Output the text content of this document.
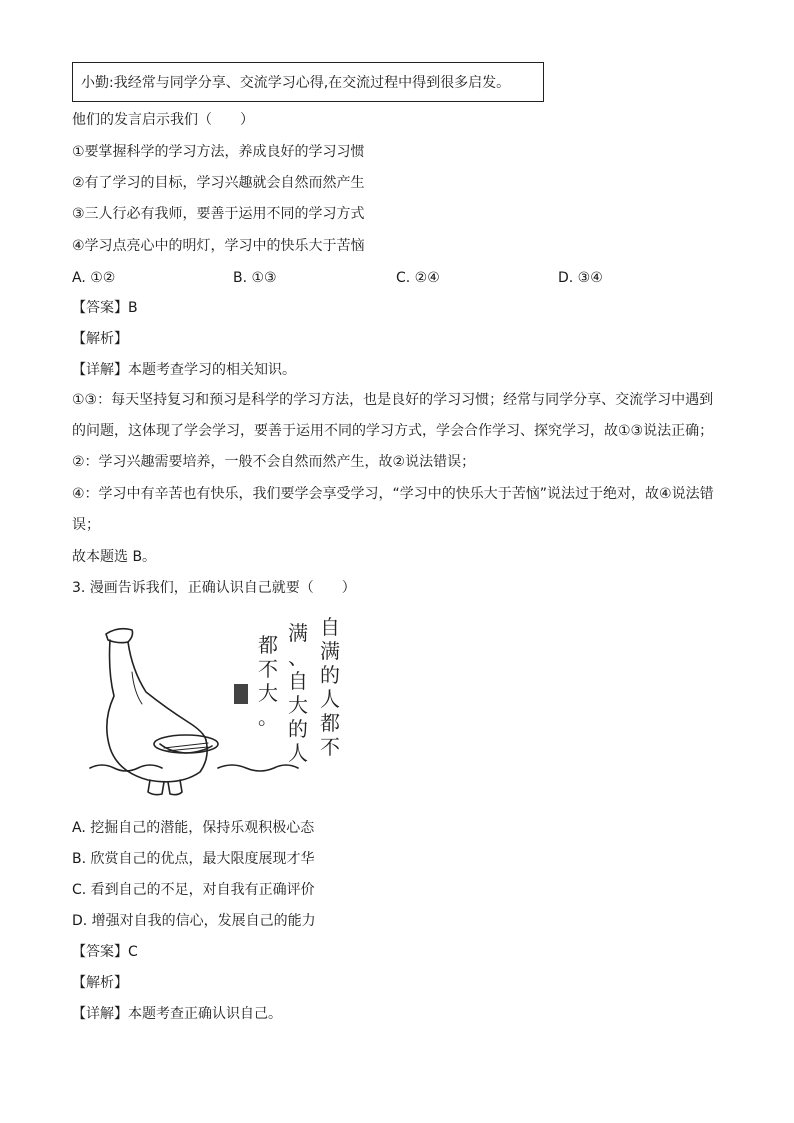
小勤:我经常与同学分享、交流学习心得,在交流过程中得到很多启发。
他们的发言启示我们（　　）
①要掌握科学的学习方法，养成良好的学习习惯
②有了学习的目标，学习兴趣就会自然而然产生
③三人行必有我师，要善于运用不同的学习方式
④学习点亮心中的明灯，学习中的快乐大于苦恼
A. ①②	B. ①③	C. ②④	D. ③④
【答案】B
【解析】
【详解】本题考查学习的相关知识。
①③：每天坚持复习和预习是科学的学习方法，也是良好的学习习惯；经常与同学分享、交流学习中遇到的问题，这体现了学会学习，要善于运用不同的学习方式，学会合作学习、探究学习，故①③说法正确；
②：学习兴趣需要培养，一般不会自然而然产生，故②说法错误；
④：学习中有辛苦也有快乐，我们要学会享受学习，“学习中的快乐大于苦恼”说法过于绝对，故④说法错误；
故本题选 B。
3. 漫画告诉我们，正确认识自己就要（　　）
都不大。
满、自大的人
自满的人都不
A. 挖掘自己的潜能，保持乐观积极心态
B. 欣赏自己的优点，最大限度展现才华
C. 看到自己的不足，对自我有正确评价
D. 增强对自我的信心，发展自己的能力
【答案】C
【解析】
【详解】本题考查正确认识自己。
